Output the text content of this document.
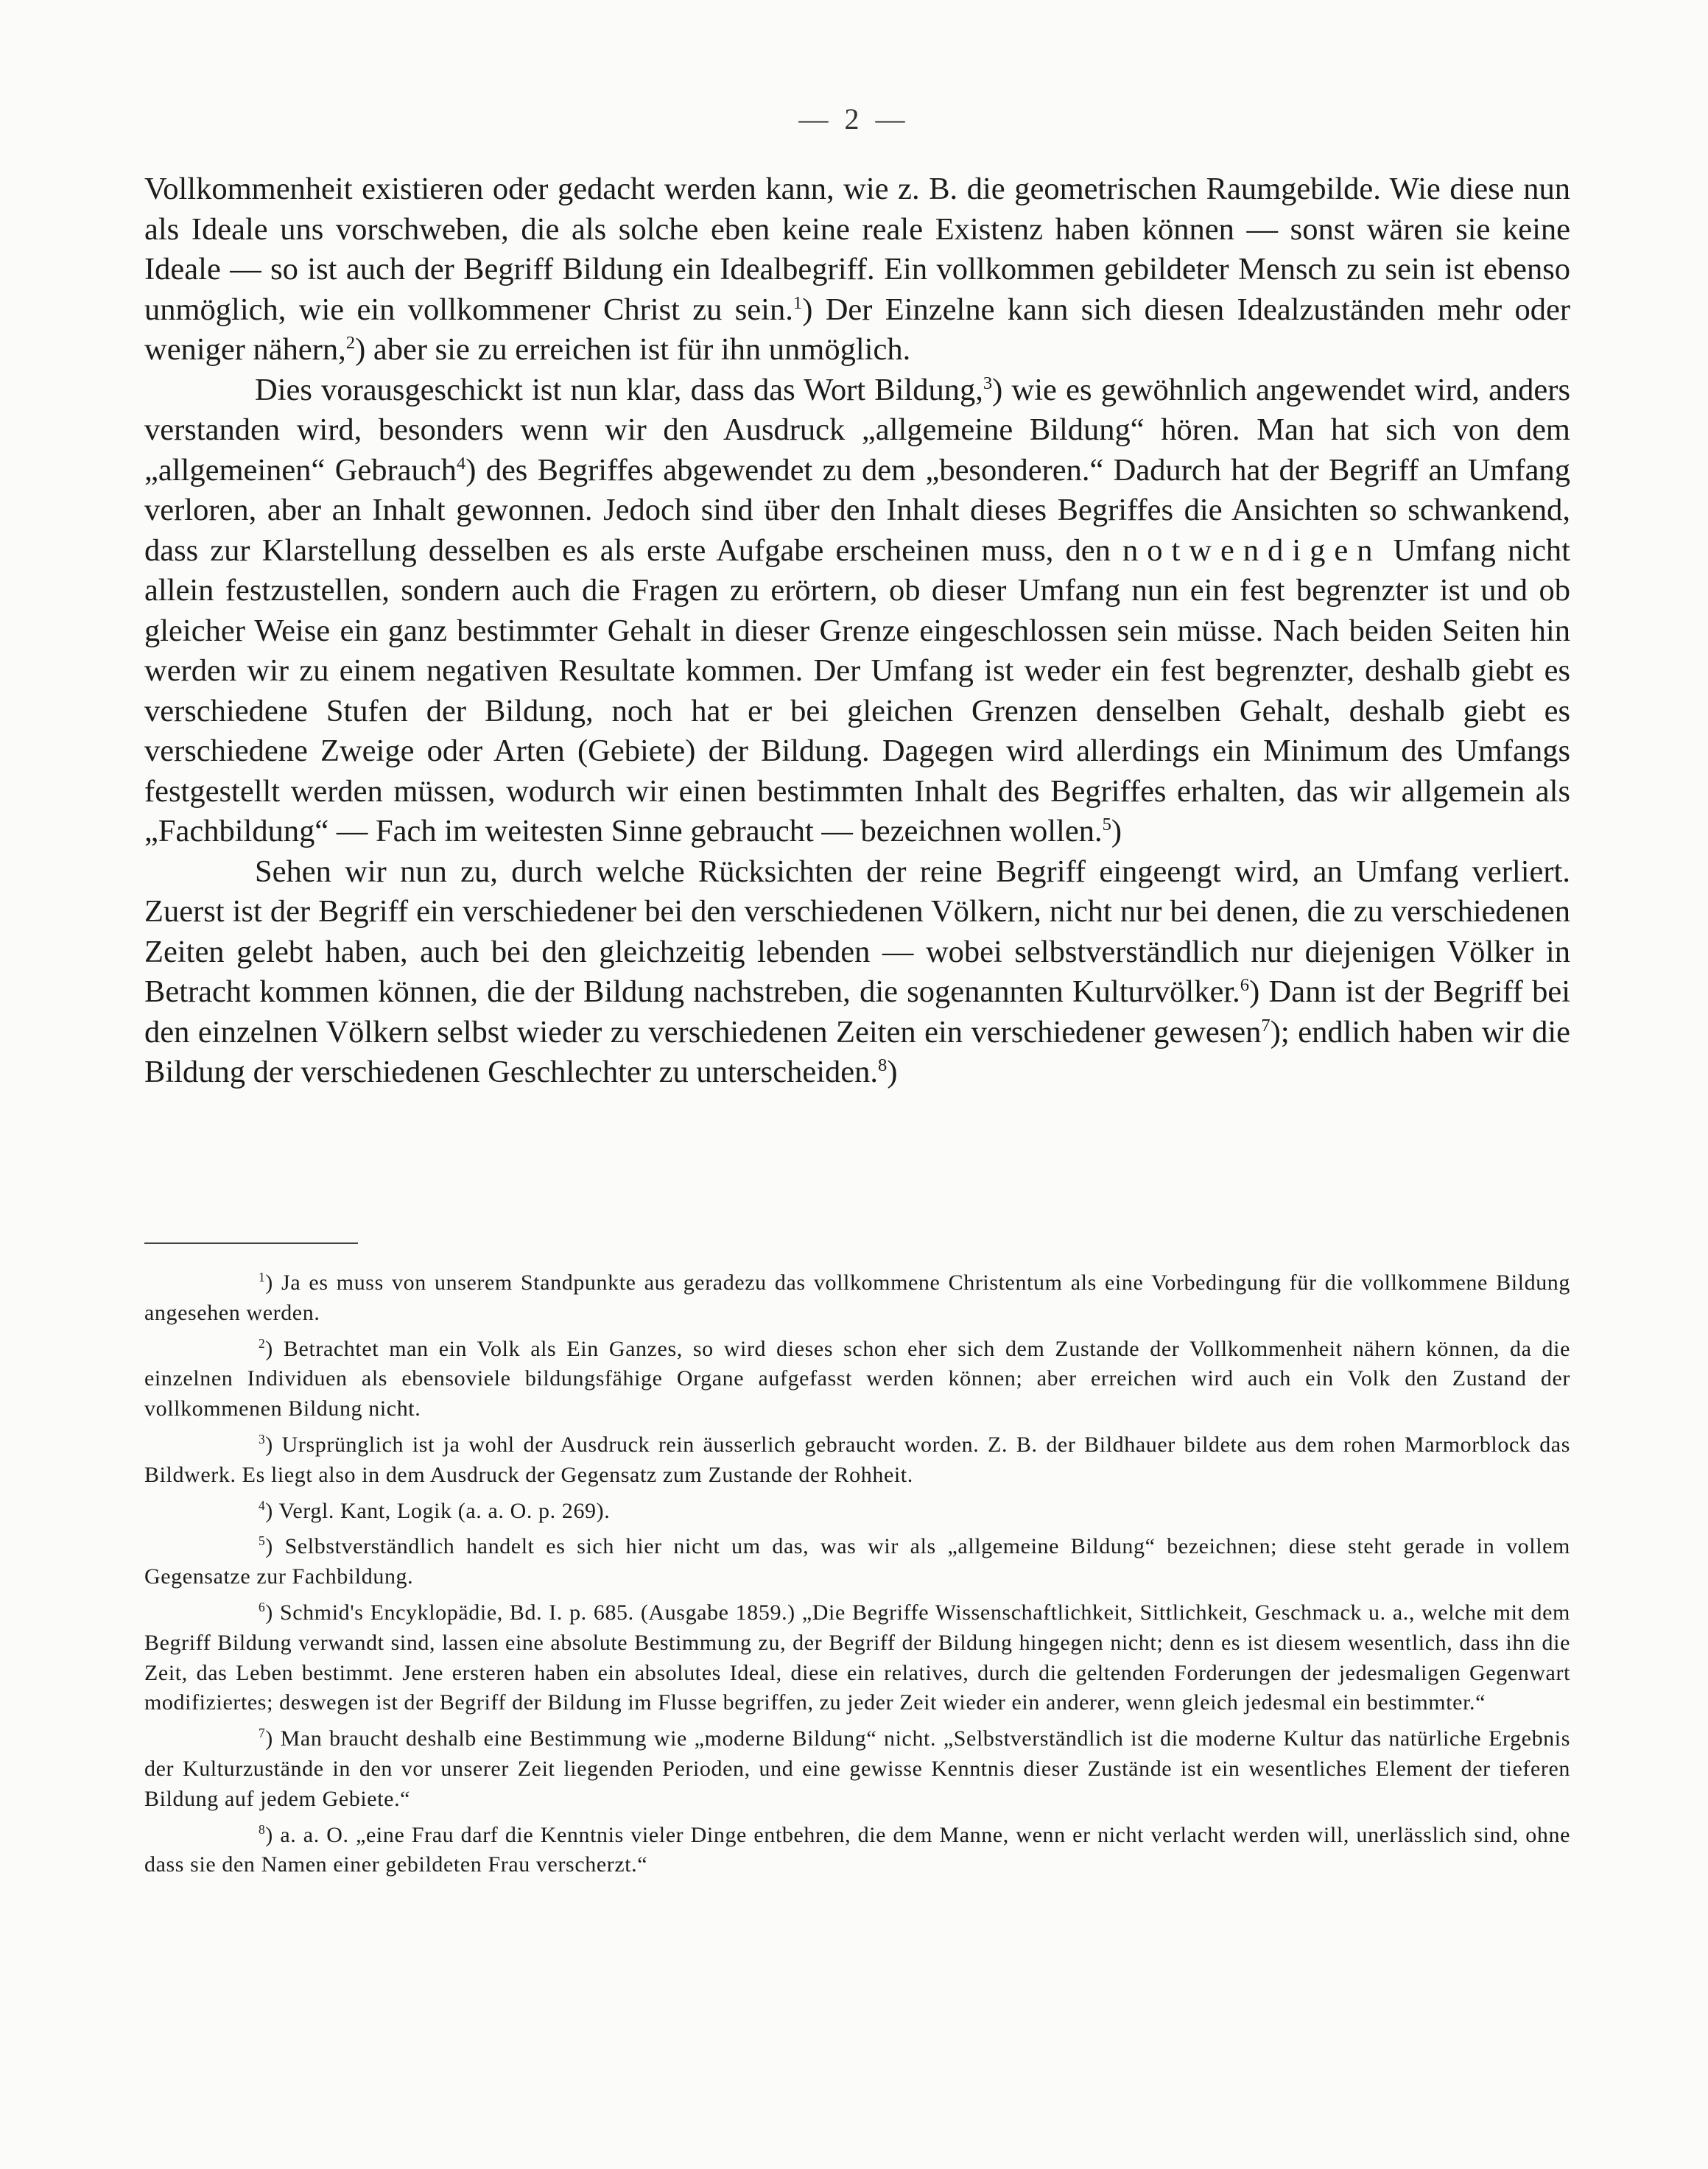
— 2 —

Vollkommenheit existieren oder gedacht werden kann, wie z. B. die geometrischen Raumgebilde. Wie diese nun als Ideale uns vorschweben, die als solche eben keine reale Existenz haben können — sonst wären sie keine Ideale — so ist auch der Begriff Bildung ein Idealbegriff. Ein vollkommen gebildeter Mensch zu sein ist ebenso unmöglich, wie ein vollkommener Christ zu sein.$^1$) Der Einzelne kann sich diesen Idealzuständen mehr oder weniger nähern,$^2$) aber sie zu erreichen ist für ihn unmöglich.

Dies vorausgeschickt ist nun klar, dass das Wort Bildung,$^3$) wie es gewöhnlich angewendet wird, anders verstanden wird, besonders wenn wir den Ausdruck „allgemeine Bildung“ hören. Man hat sich von dem „allgemeinen“ Gebrauch$^4$) des Begriffes abgewendet zu dem „besonderen.“ Dadurch hat der Begriff an Umfang verloren, aber an Inhalt gewonnen. Jedoch sind über den Inhalt dieses Begriffes die Ansichten so schwankend, dass zur Klarstellung desselben es als erste Aufgabe erscheinen muss, den notwendigen Umfang nicht allein festzustellen, sondern auch die Fragen zu erörtern, ob dieser Umfang nun ein fest begrenzter ist und ob gleicher Weise ein ganz bestimmter Gehalt in dieser Grenze eingeschlossen sein müsse. Nach beiden Seiten hin werden wir zu einem negativen Resultate kommen. Der Umfang ist weder ein fest begrenzter, deshalb giebt es verschiedene Stufen der Bildung, noch hat er bei gleichen Grenzen denselben Gehalt, deshalb giebt es verschiedene Zweige oder Arten (Gebiete) der Bildung. Dagegen wird allerdings ein Minimum des Umfangs festgestellt werden müssen, wodurch wir einen bestimmten Inhalt des Begriffes erhalten, das wir allgemein als „Fachbildung“ — Fach im weitesten Sinne gebraucht — bezeichnen wollen.$^5$)

Sehen wir nun zu, durch welche Rücksichten der reine Begriff eingeengt wird, an Umfang verliert. Zuerst ist der Begriff ein verschiedener bei den verschiedenen Völkern, nicht nur bei denen, die zu verschiedenen Zeiten gelebt haben, auch bei den gleichzeitig lebenden — wobei selbstverständlich nur diejenigen Völker in Betracht kommen können, die der Bildung nachstreben, die sogenannten Kulturvölker.$^6$) Dann ist der Begriff bei den einzelnen Völkern selbst wieder zu verschiedenen Zeiten ein verschiedener gewesen$^7$); endlich haben wir die Bildung der verschiedenen Geschlechter zu unterscheiden.$^8$)

$^1$) Ja es muss von unserem Standpunkte aus geradezu das vollkommene Christentum als eine Vorbedingung für die vollkommene Bildung angesehen werden.

$^2$) Betrachtet man ein Volk als Ein Ganzes, so wird dieses schon eher sich dem Zustande der Vollkommenheit nähern können, da die einzelnen Individuen als ebensoviele bildungsfähige Organe aufgefasst werden können; aber erreichen wird auch ein Volk den Zustand der vollkommenen Bildung nicht.

$^3$) Ursprünglich ist ja wohl der Ausdruck rein äusserlich gebraucht worden. Z. B. der Bildhauer bildete aus dem rohen Marmorblock das Bildwerk. Es liegt also in dem Ausdruck der Gegensatz zum Zustande der Rohheit.

$^4$) Vergl. Kant, Logik (a. a. O. p. 269).

$^5$) Selbstverständlich handelt es sich hier nicht um das, was wir als „allgemeine Bildung“ bezeichnen; diese steht gerade in vollem Gegensatze zur Fachbildung.

$^6$) Schmid's Encyklopädie, Bd. I. p. 685. (Ausgabe 1859.) „Die Begriffe Wissenschaftlichkeit, Sittlichkeit, Geschmack u. a., welche mit dem Begriff Bildung verwandt sind, lassen eine absolute Bestimmung zu, der Begriff der Bildung hingegen nicht; denn es ist diesem wesentlich, dass ihn die Zeit, das Leben bestimmt. Jene ersteren haben ein absolutes Ideal, diese ein relatives, durch die geltenden Forderungen der jedesmaligen Gegenwart modifiziertes; deswegen ist der Begriff der Bildung im Flusse begriffen, zu jeder Zeit wieder ein anderer, wenn gleich jedesmal ein bestimmter.“

$^7$) Man braucht deshalb eine Bestimmung wie „moderne Bildung“ nicht. „Selbstverständlich ist die moderne Kultur das natürliche Ergebnis der Kulturzustände in den vor unserer Zeit liegenden Perioden, und eine gewisse Kenntnis dieser Zustände ist ein wesentliches Element der tieferen Bildung auf jedem Gebiete.“

$^8$) a. a. O. „eine Frau darf die Kenntnis vieler Dinge entbehren, die dem Manne, wenn er nicht verlacht werden will, unerlässlich sind, ohne dass sie den Namen einer gebildeten Frau verscherzt.“
